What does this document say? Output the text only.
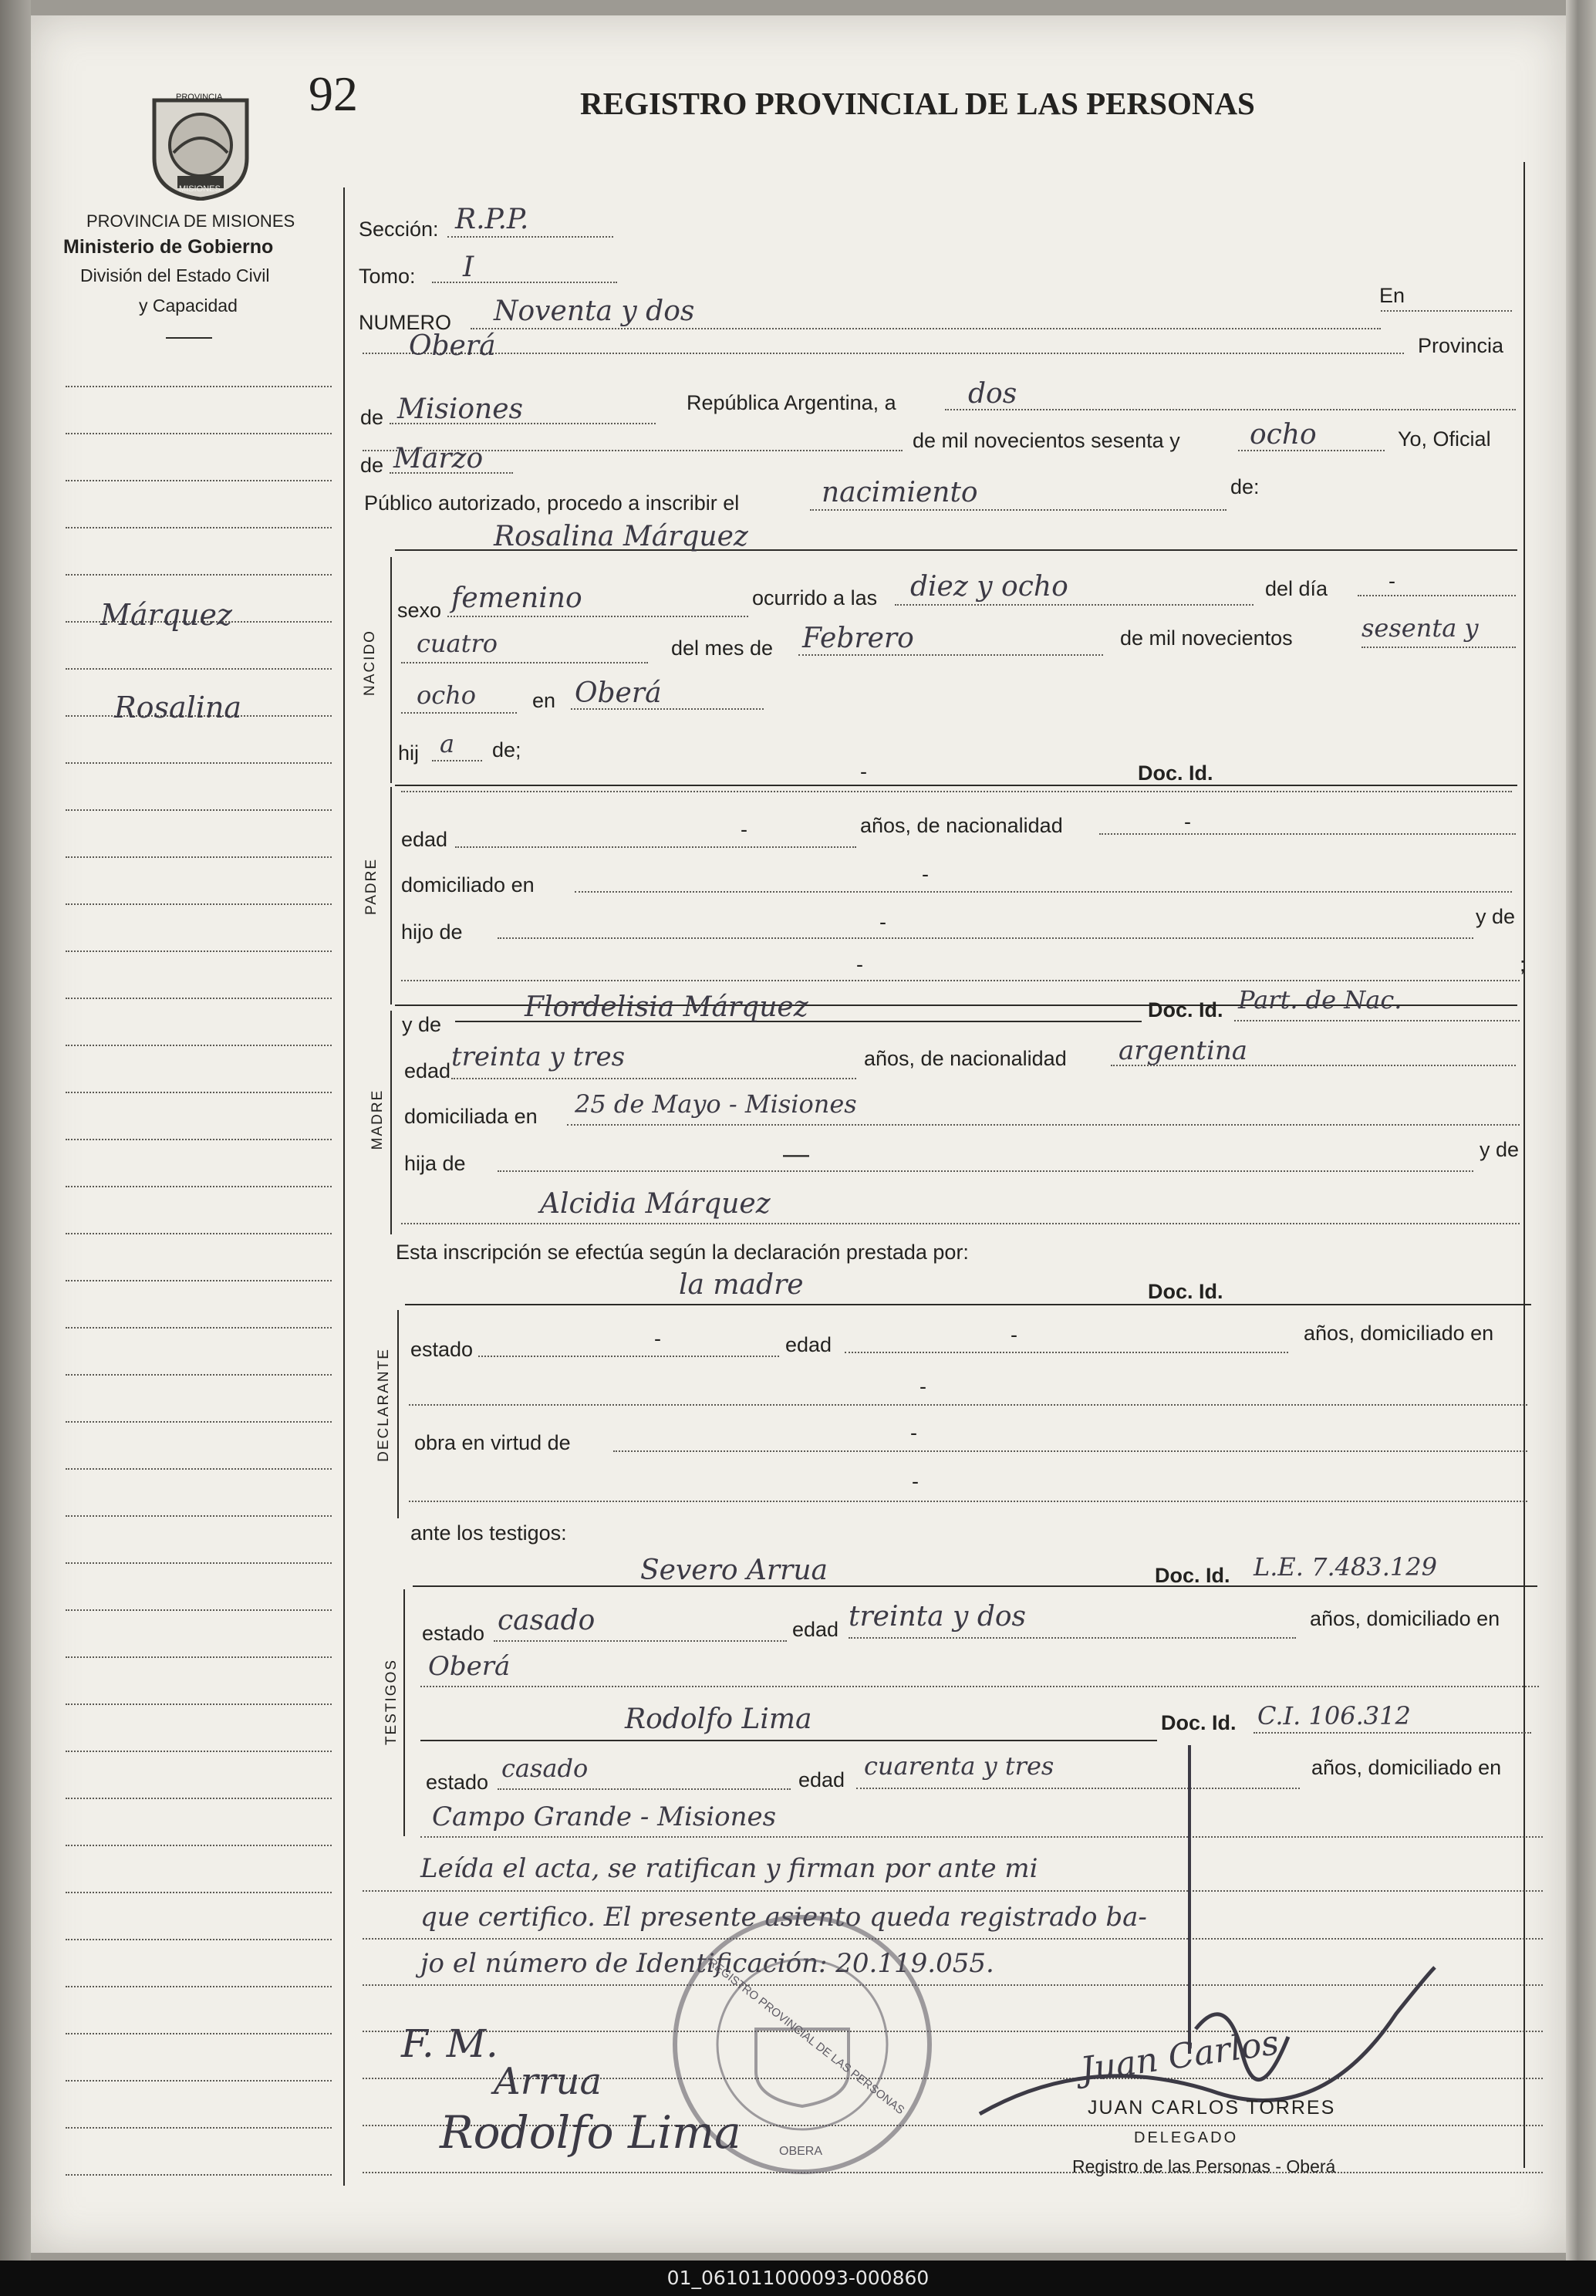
92	REGISTRO PROVINCIAL DE LAS PERSONAS
PROVINCIA
MISIONES
PROVINCIA DE MISIONES
Ministerio de Gobierno
División del Estado Civil
y Capacidad
Márquez
Rosalina
Sección: R.P.P.
Tomo: I
NUMERO Noventa y dos	En
Oberá	Provincia
de Misiones	República Argentina, a	dos
de mil novecientos sesenta y	ocho	Yo, Oficial
de Marzo
Público autorizado, procedo a inscribir el	nacimiento	de:
NACIDO
Rosalina Márquez
sexo femenino	ocurrido a las diez y ocho	del día	-
cuatro	del mes de Febrero	de mil novecientos	sesenta y
ocho	en Oberá
hij a de;
-	Doc. Id.
PADRE
edad	-	años, de nacionalidad	-
domiciliado en	-
hijo de	-	y de
-	;
MADRE
y de
Flordelisia Márquez	Doc. Id. Part. de Nac.
edad treinta y tres	años, de nacionalidad argentina
domiciliada en 25 de Mayo - Misiones
hija de	—	y de
Alcidia Márquez
Esta inscripción se efectúa según la declaración prestada por:
DECLARANTE
la madre	Doc. Id.
estado	-	edad	-	años, domiciliado en
-
obra en virtud de	-
-
ante los testigos:
TESTIGOS
Severo Arrua	Doc. Id. L.E. 7.483.129
estado casado	edad treinta y dos	años, domiciliado en
Oberá
Rodolfo Lima	Doc. Id. C.I. 106.312
estado casado	edad cuarenta y tres	años, domiciliado en
Campo Grande - Misiones
Leída el acta, se ratifican y firman por ante mi
que certifico. El presente asiento queda registrado ba-
jo el número de Identificación: 20.119.055.
REGISTRO PROVINCIAL DE LAS PERSONAS
OBERA
F. M.
Arrua
Rodolfo Lima
Juan Carlos
JUAN CARLOS TORRES
DELEGADO
Registro de las Personas - Oberá
01_061011000093-000860
